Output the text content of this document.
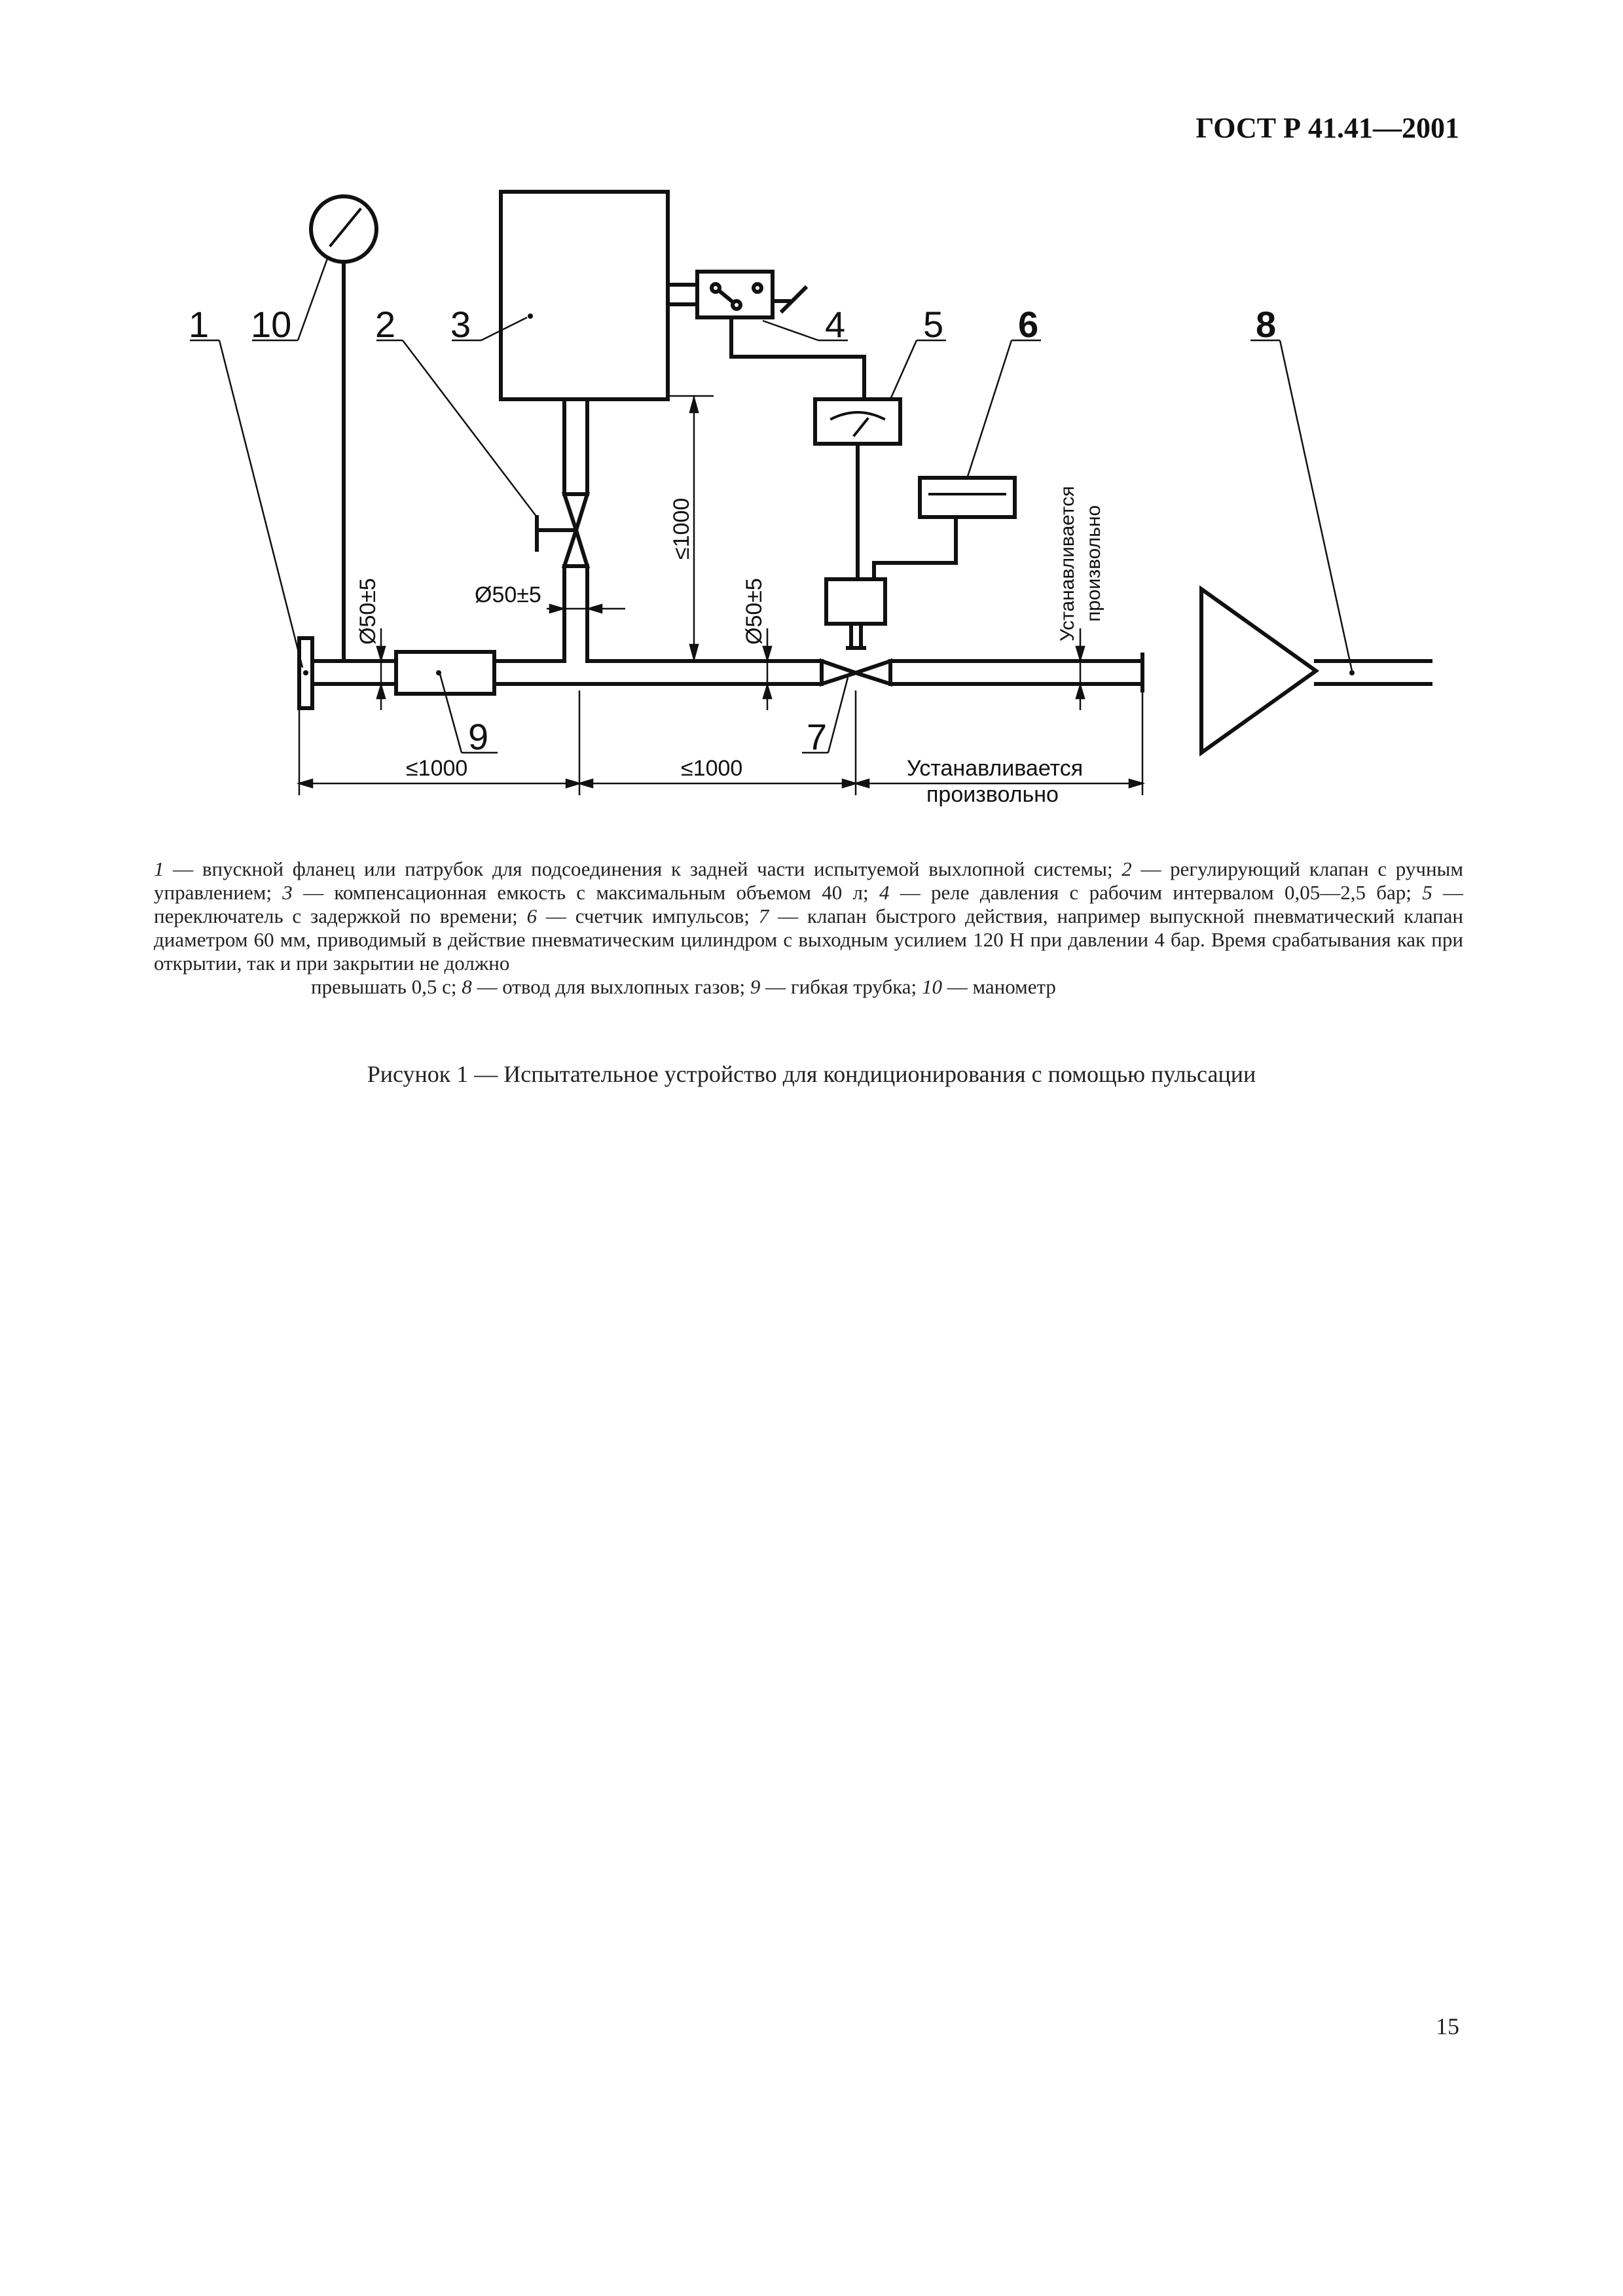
ГОСТ Р 41.41—2001
1 10 2 3	4 5 6	8
9	7
Ø50±5	Ø50±5	Ø50±5
≤1000
≤1000	≤1000	Устанавливается
произвольно
Устанавливается произвольно
1 — впускной фланец или патрубок для подсоединения к задней части испытуемой выхлопной системы; 2 — регулирующий клапан с ручным управлением; 3 — компенсационная емкость с максимальным объемом 40 л; 4 — реле давления с рабочим интервалом 0,05—2,5 бар; 5 — переключатель с задержкой по времени; 6 — счетчик импульсов; 7 — клапан быстрого действия, например выпускной пневматический клапан диаметром 60 мм, приводимый в действие пневматическим цилиндром с выходным усилием 120 Н при давлении 4 бар. Время срабатывания как при открытии, так и при закрытии не должно
превышать 0,5 с; 8 — отвод для выхлопных газов; 9 — гибкая трубка; 10 — манометр
Рисунок 1 — Испытательное устройство для кондиционирования с помощью пульсации
15
